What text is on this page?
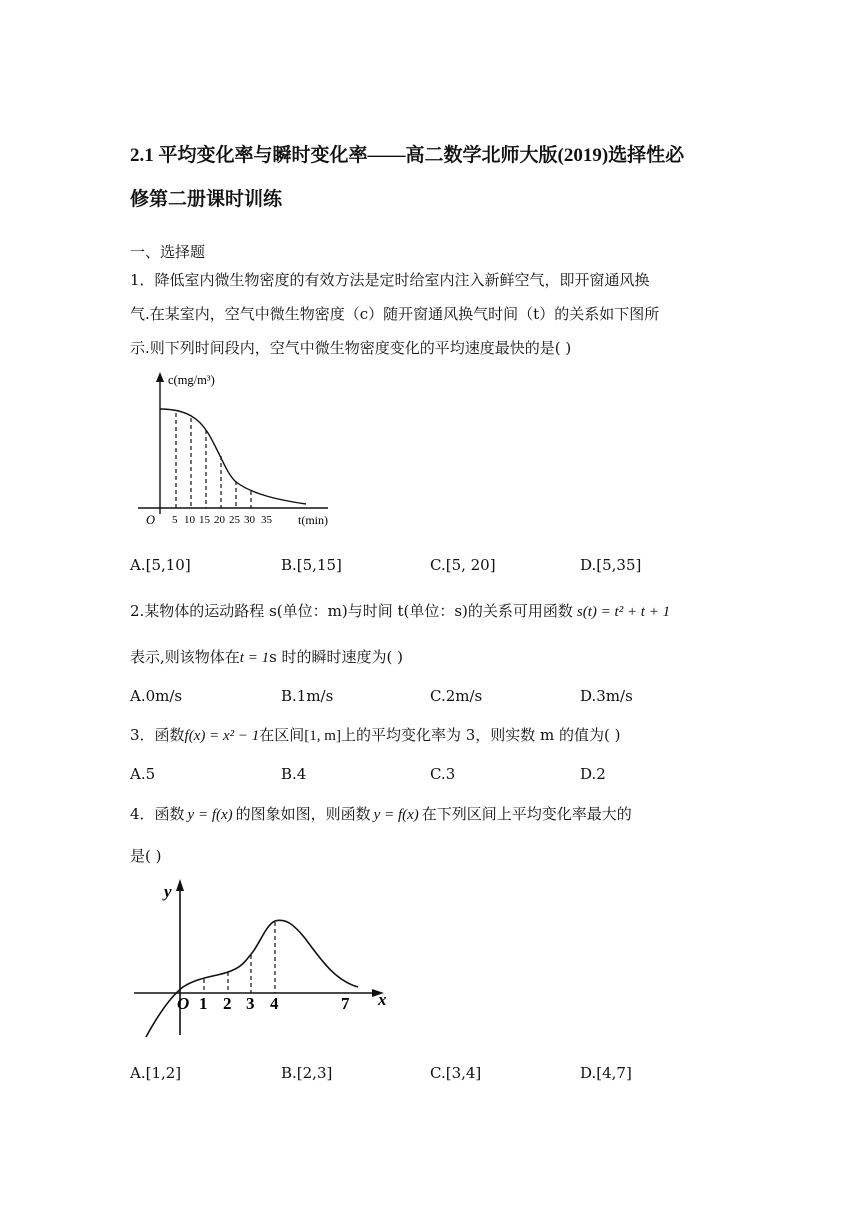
2.1 平均变化率与瞬时变化率——高二数学北师大版(2019)选择性必
修第二册课时训练
一、选择题
1．降低室内微生物密度的有效方法是定时给室内注入新鲜空气，即开窗通风换
气.在某室内，空气中微生物密度（c）随开窗通风换气时间（t）的关系如下图所
示.则下列时间段内，空气中微生物密度变化的平均速度最快的是( )
c(mg/m³)
O 5 10 15 20 25 30 35 t(min)
A.[5,10]	B.[5,15]	C.[5, 20]	D.[5,35]
2.某物体的运动路程 s(单位：m)与时间 t(单位：s)的关系可用函数 s(t) = t² + t + 1
表示,则该物体在t = 1s 时的瞬时速度为( )
A.0m/s	B.1m/s	C.2m/s	D.3m/s
3．函数f(x) = x² − 1在区间[1, m]上的平均变化率为 3，则实数 m 的值为( )
A.5	B.4	C.3	D.2
4．函数 y = f(x) 的图象如图，则函数 y = f(x) 在下列区间上平均变化率最大的
是( )
y
x
O 1 2 3 4	7
A.[1,2]	B.[2,3]	C.[3,4]	D.[4,7]
